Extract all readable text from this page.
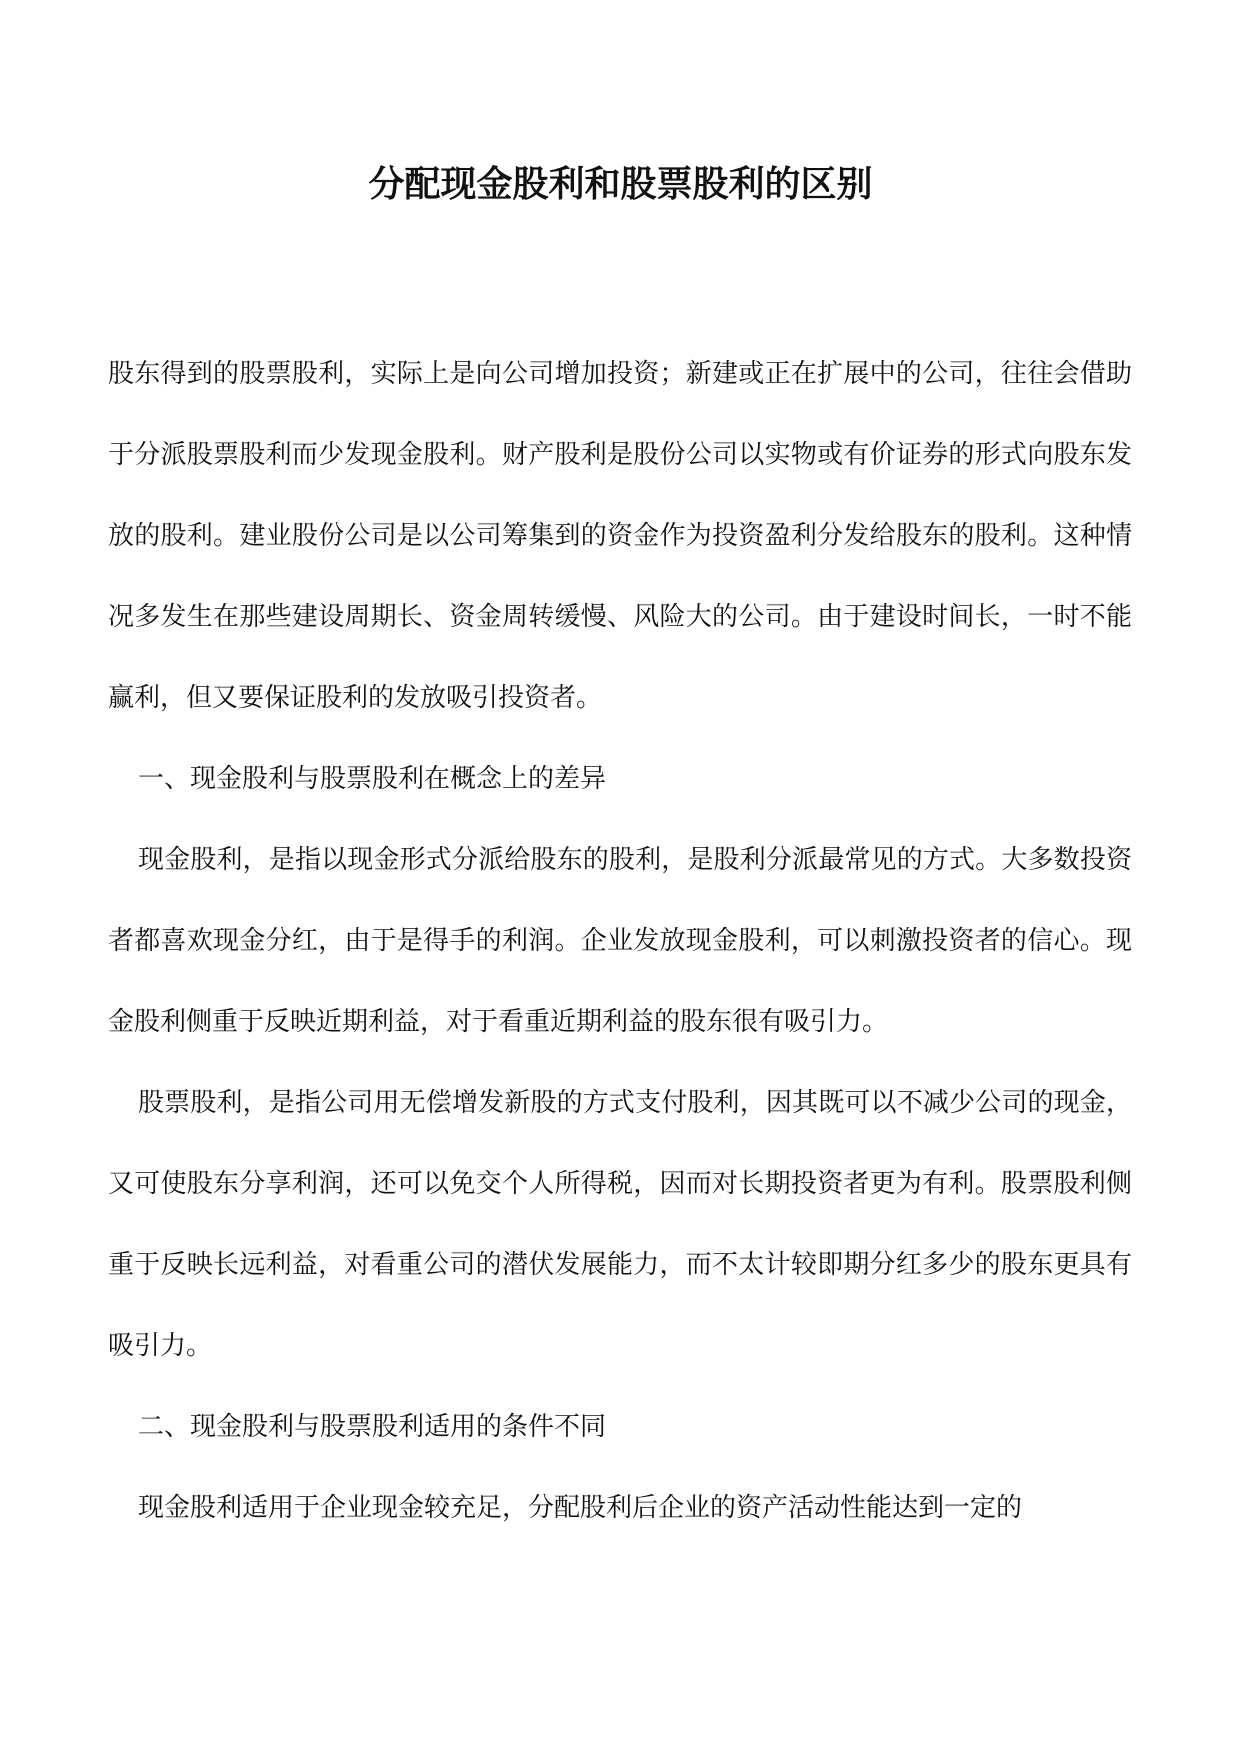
分配现金股利和股票股利的区别

股东得到的股票股利，实际上是向公司增加投资；新建或正在扩展中的公司，往往会借助于分派股票股利而少发现金股利。财产股利是股份公司以实物或有价证券的形式向股东发放的股利。建业股份公司是以公司筹集到的资金作为投资盈利分发给股东的股利。这种情况多发生在那些建设周期长、资金周转缓慢、风险大的公司。由于建设时间长，一时不能赢利，但又要保证股利的发放吸引投资者。

一、现金股利与股票股利在概念上的差异

现金股利，是指以现金形式分派给股东的股利，是股利分派最常见的方式。大多数投资者都喜欢现金分红，由于是得手的利润。企业发放现金股利，可以刺激投资者的信心。现金股利侧重于反映近期利益，对于看重近期利益的股东很有吸引力。

股票股利，是指公司用无偿增发新股的方式支付股利，因其既可以不减少公司的现金，又可使股东分享利润，还可以免交个人所得税，因而对长期投资者更为有利。股票股利侧重于反映长远利益，对看重公司的潜伏发展能力，而不太计较即期分红多少的股东更具有吸引力。

二、现金股利与股票股利适用的条件不同

现金股利适用于企业现金较充足，分配股利后企业的资产活动性能达到一定的
